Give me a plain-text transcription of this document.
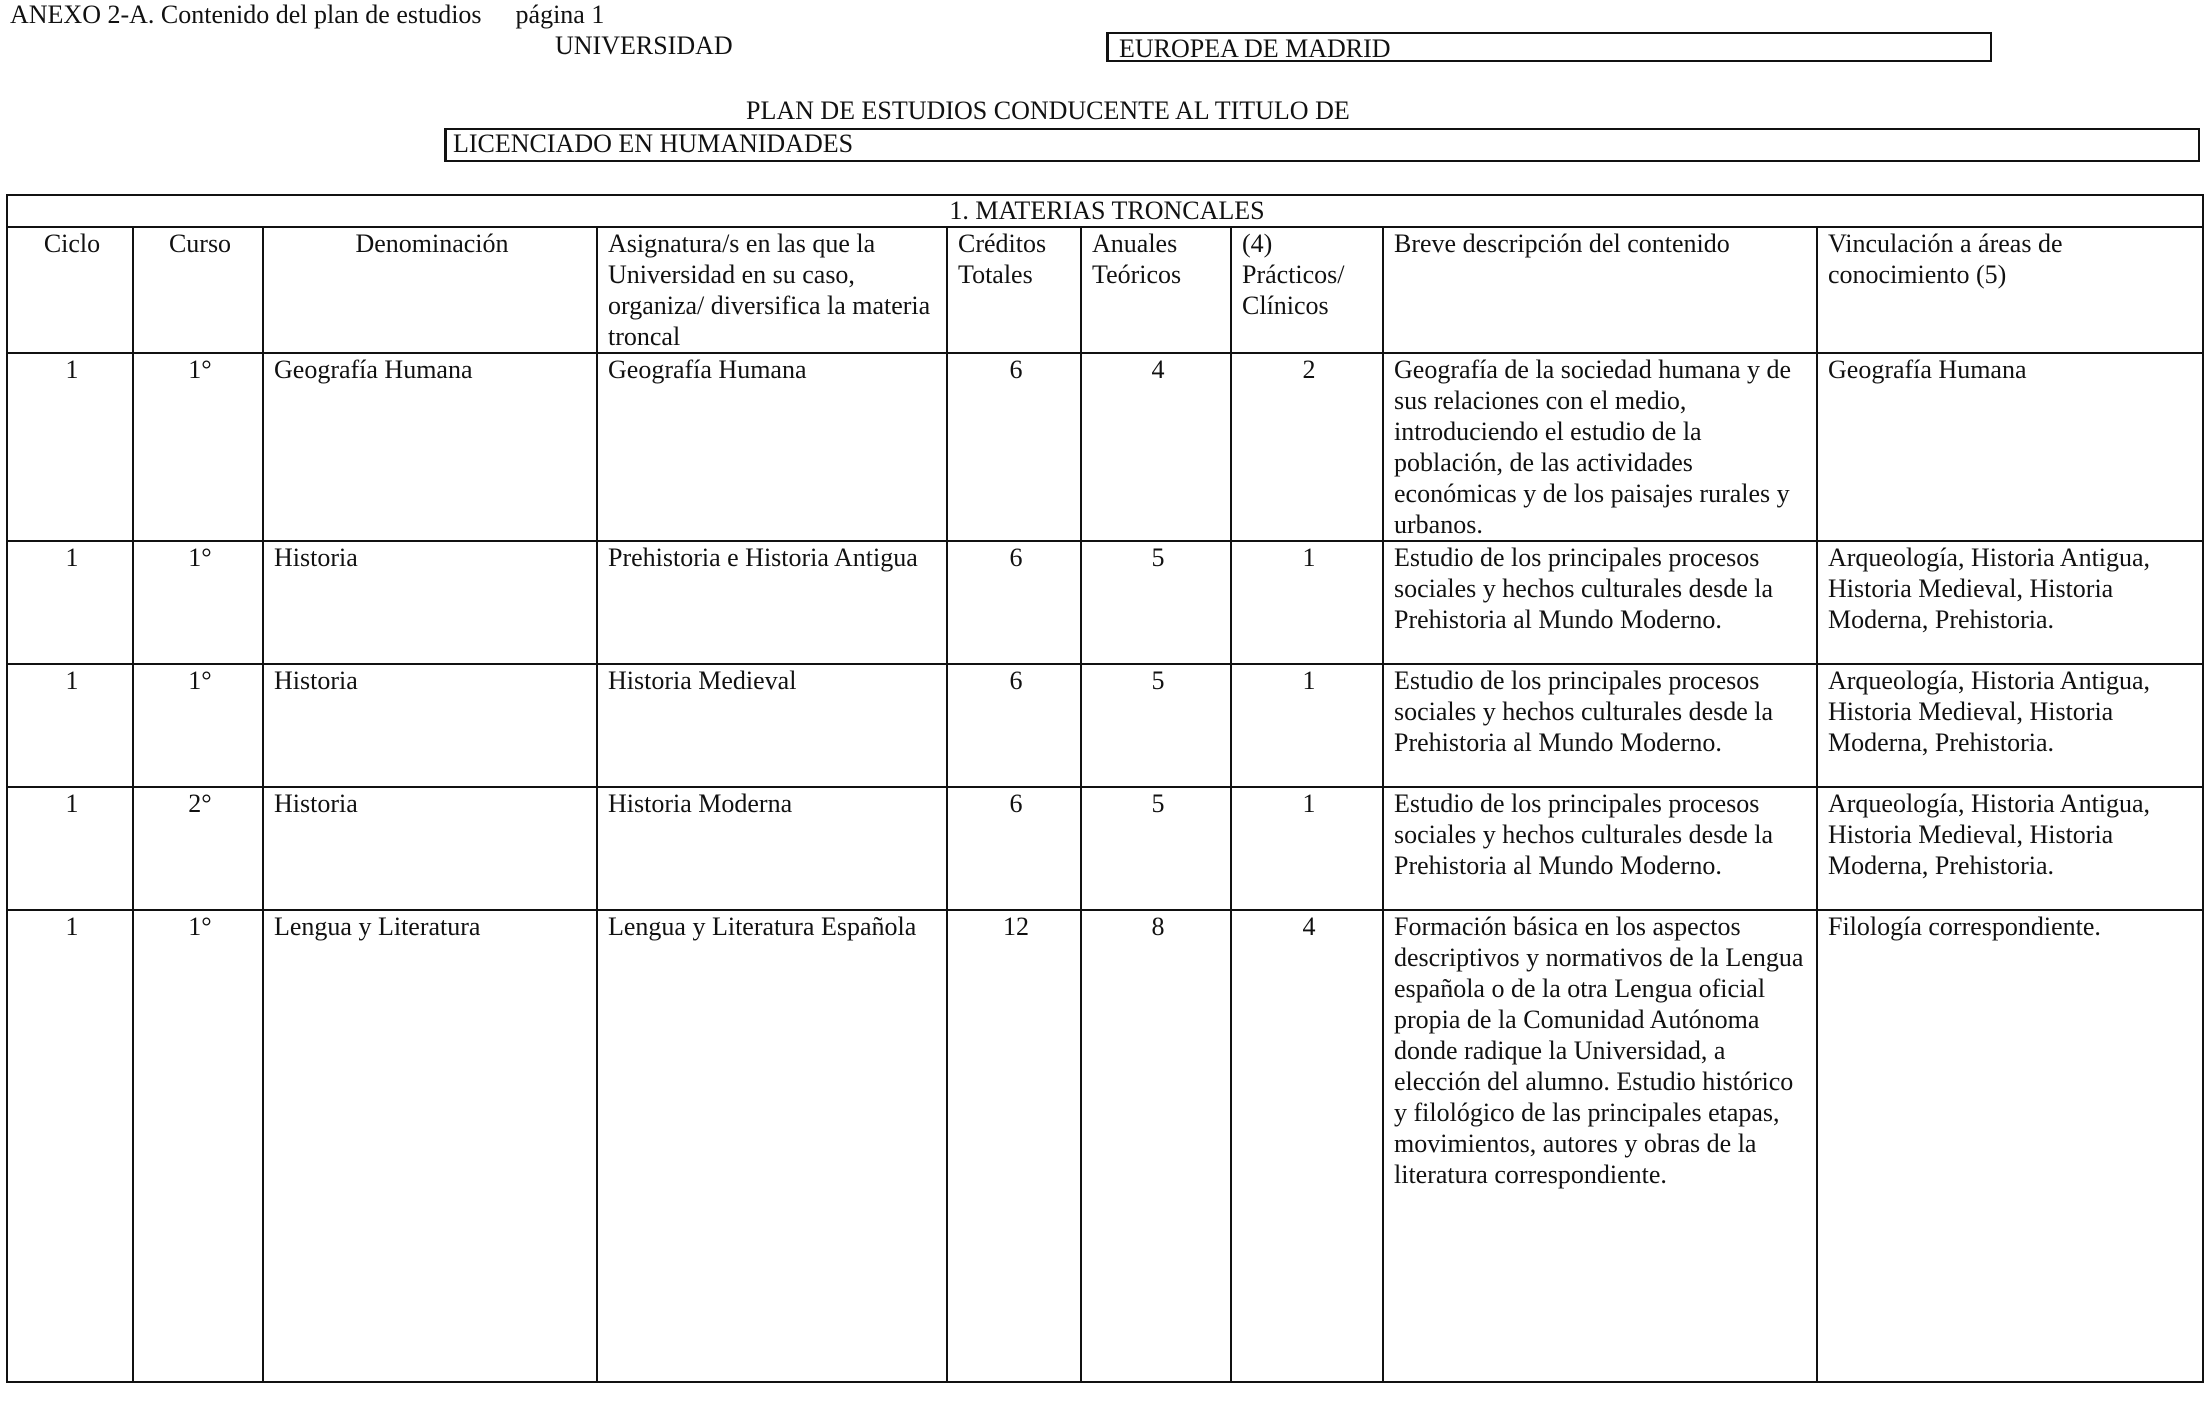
ANEXO 2-A. Contenido del plan de estudios página 1
UNIVERSIDAD	EUROPEA DE MADRID
PLAN DE ESTUDIOS CONDUCENTE AL TITULO DE
LICENCIADO EN HUMANIDADES
1. MATERIAS TRONCALES								
Ciclo	Curso	Denominación	Asignatura/s en las que la Universidad en su caso, organiza/ diversifica la materia troncal	Créditos Totales	Anuales Teóricos	(4) Prácticos/ Clínicos	Breve descripción del contenido	Vinculación a áreas de conocimiento (5)
1	1°	Geografía Humana	Geografía Humana	6	4	2	Geografía de la sociedad humana y de sus relaciones con el medio, introduciendo el estudio de la población, de las actividades económicas y de los paisajes rurales y urbanos.	Geografía Humana
1	1°	Historia	Prehistoria e Historia Antigua	6	5	1	Estudio de los principales procesos sociales y hechos culturales desde la Prehistoria al Mundo Moderno.	Arqueología, Historia Antigua, Historia Medieval, Historia Moderna, Prehistoria.
1	1°	Historia	Historia Medieval	6	5	1	Estudio de los principales procesos sociales y hechos culturales desde la Prehistoria al Mundo Moderno.	Arqueología, Historia Antigua, Historia Medieval, Historia Moderna, Prehistoria.
1	2°	Historia	Historia Moderna	6	5	1	Estudio de los principales procesos sociales y hechos culturales desde la Prehistoria al Mundo Moderno.	Arqueología, Historia Antigua, Historia Medieval, Historia Moderna, Prehistoria.
1	1°	Lengua y Literatura	Lengua y Literatura Española	12	8	4	Formación básica en los aspectos descriptivos y normativos de la Lengua española o de la otra Lengua oficial propia de la Comunidad Autónoma donde radique la Universidad, a elección del alumno. Estudio histórico y filológico de las principales etapas, movimientos, autores y obras de la literatura correspondiente.	Filología correspondiente.
